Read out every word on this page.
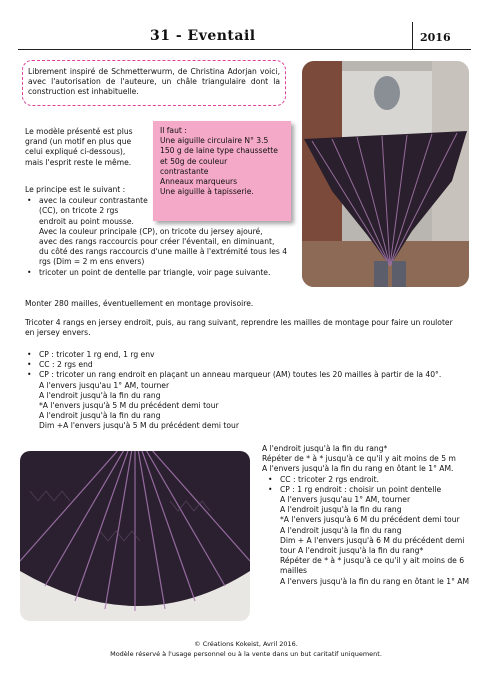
31 - Eventail	2016
Librement inspiré de Schmetterwurm, de Christina Adorjan voici, avec l'autorisation de l'auteure, un châle triangulaire dont la construction est inhabituelle.
Le modèle présenté est plus
grand (un motif en plus que
celui expliqué ci-dessous),
mais l'esprit reste le même.
Il faut :
Une aiguille circulaire N° 3.5
150 g de laine type chaussette
et 50g de couleur
contrastante
Anneaux marqueurs
Une aiguille à tapisserie.
Le principe est le suivant :
• avec la couleur contrastante
(CC), on tricote 2 rgs
endroit au point mousse.
Avec la couleur principale (CP), on tricote du jersey ajouré,
avec des rangs raccourcis pour créer l'éventail, en diminuant,
du côté des rangs raccourcis d'une maille à l'extrémité tous les 4
rgs (Dim = 2 m ens envers)
• tricoter un point de dentelle par triangle, voir page suivante.
Monter 280 mailles, éventuellement en montage provisoire.
Tricoter 4 rangs en jersey endroit, puis, au rang suivant, reprendre les mailles de montage pour faire un rouloter
en jersey envers.
• CP : tricoter 1 rg end, 1 rg env
• CC : 2 rgs end
• CP : tricoter un rang endroit en plaçant un anneau marqueur (AM) toutes les 20 mailles à partir de la 40°.
A l'envers jusqu'au 1° AM, tourner
A l'endroit jusqu'à la fin du rang
*A l'envers jusqu'à 5 M du précédent demi tour
A l'endroit jusqu'à la fin du rang
Dim +A l'envers jusqu'à 5 M du précédent demi tour
A l'endroit jusqu'à la fin du rang*
Répéter de * à * jusqu'à ce qu'il y ait moins de 5 m
A l'envers jusqu'à la fin du rang en ôtant le 1° AM.
• CC : tricoter 2 rgs endroit.
• CP : 1 rg endroit : choisir un point dentelle
A l'envers jusqu'au 1° AM, tourner
A l'endroit jusqu'à la fin du rang
*A l'envers jusqu'à 6 M du précédent demi tour
A l'endroit jusqu'à la fin du rang
Dim + A l'envers jusqu'à 6 M du précédent demi
tour A l'endroit jusqu'à la fin du rang*
Répéter de * à * jusqu'à ce qu'il y ait moins de 6
mailles
A l'envers jusqu'à la fin du rang en ôtant le 1° AM
© Créations Kokeist, Avril 2016.
Modèle réservé à l'usage personnel ou à la vente dans un but caritatif uniquement.
